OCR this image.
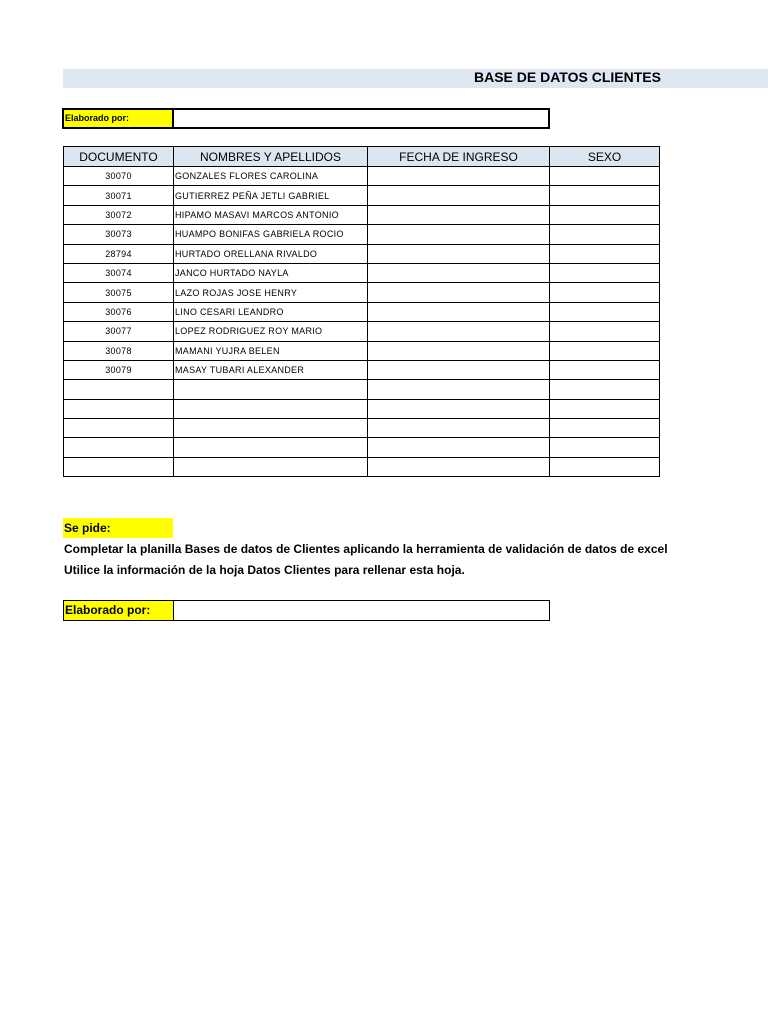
BASE DE DATOS CLIENTES
Elaborado por:
DOCUMENTO	NOMBRES Y APELLIDOS	FECHA DE INGRESO	SEXO
30070	GONZALES FLORES CAROLINA		
30071	GUTIERREZ PEÑA JETLI GABRIEL		
30072	HIPAMO MASAVI MARCOS ANTONIO		
30073	HUAMPO BONIFAS GABRIELA ROCIO		
28794	HURTADO ORELLANA RIVALDO		
30074	JANCO HURTADO NAYLA		
30075	LAZO ROJAS JOSE HENRY		
30076	LINO CESARI LEANDRO		
30077	LOPEZ RODRIGUEZ ROY MARIO		
30078	MAMANI YUJRA BELEN		
30079	MASAY TUBARI ALEXANDER		

Se pide:
Completar la planilla Bases de datos de Clientes aplicando la herramienta de validación de datos de excel
Utilice la información de la hoja Datos Clientes para rellenar esta hoja.
Elaborado por:
